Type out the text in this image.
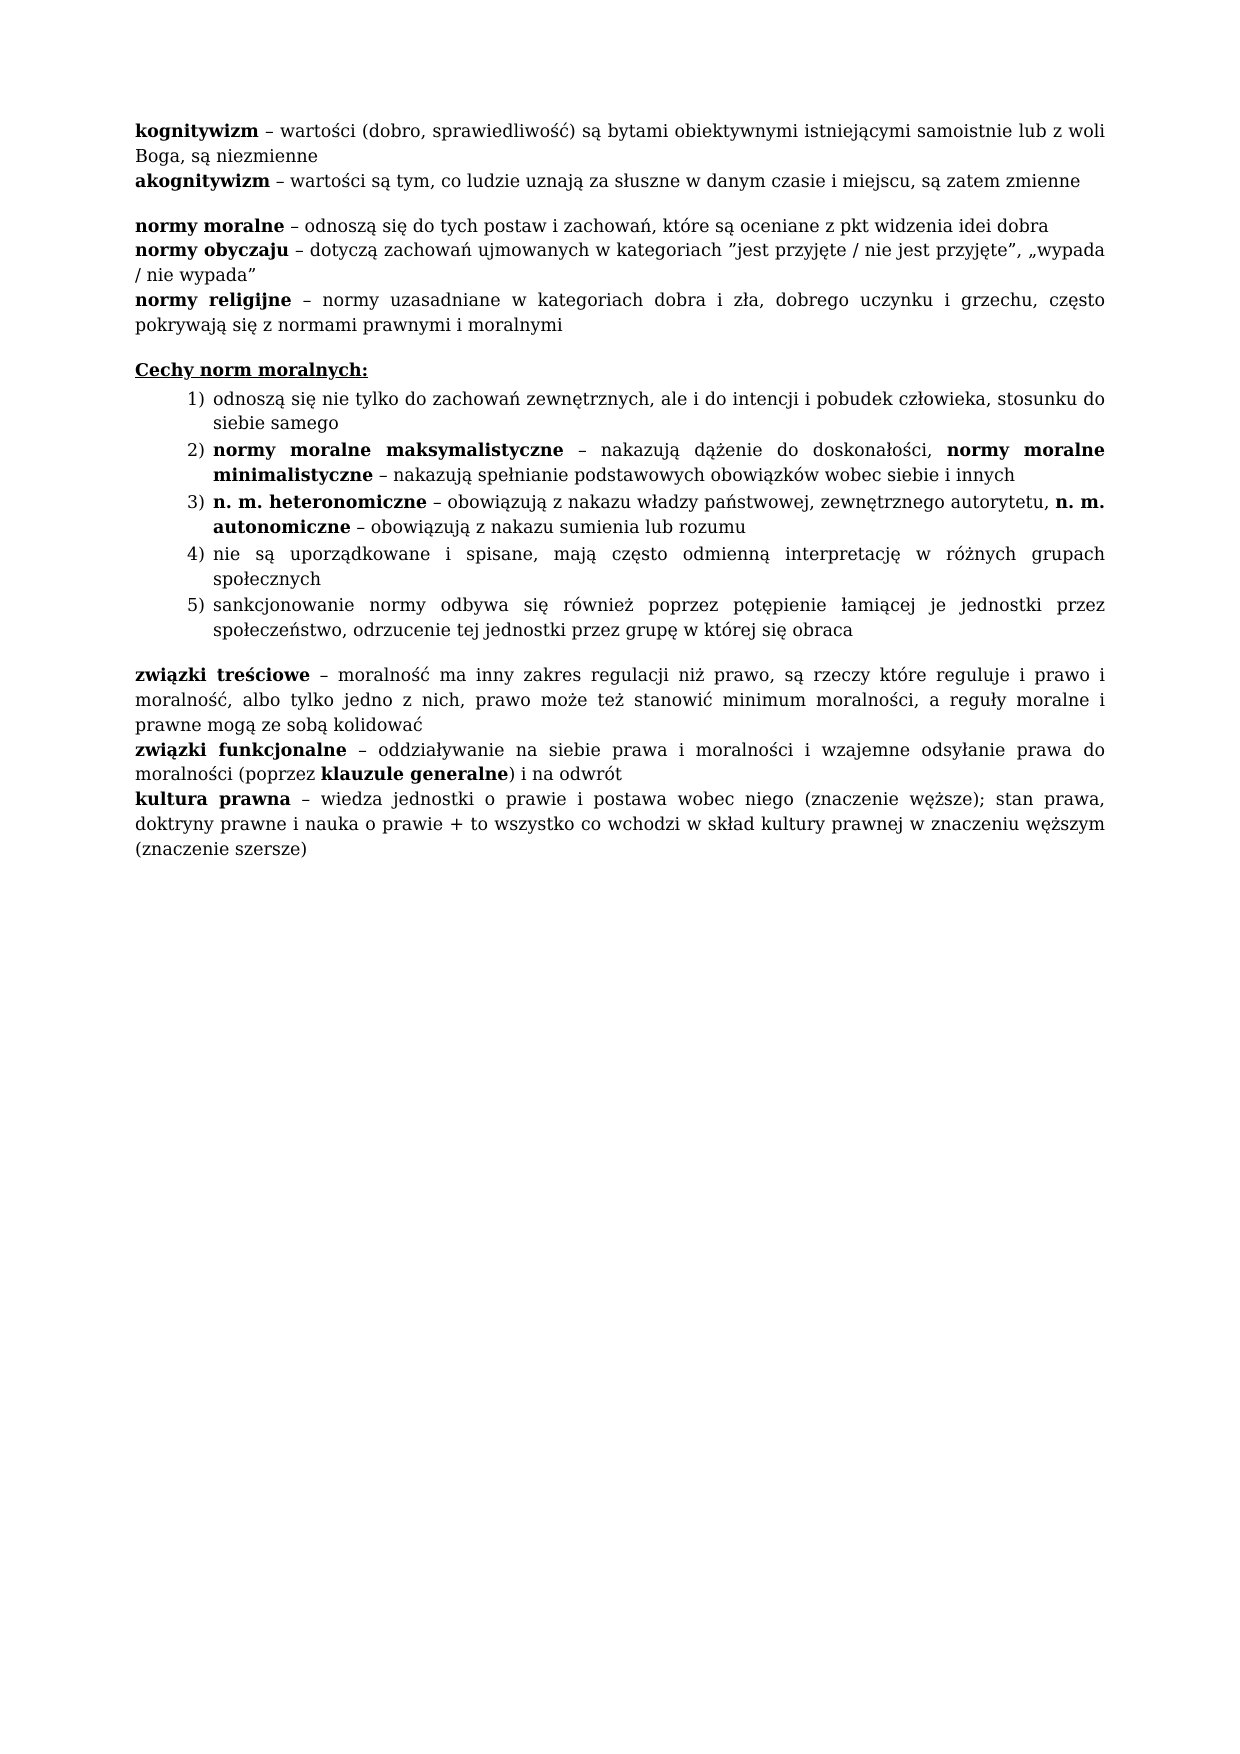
kognitywizm – wartości (dobro, sprawiedliwość) są bytami obiektywnymi istniejącymi samoistnie lub z woli Boga, są niezmienne

akognitywizm – wartości są tym, co ludzie uznają za słuszne w danym czasie i miejscu, są zatem zmienne

normy moralne – odnoszą się do tych postaw i zachowań, które są oceniane z pkt widzenia idei dobra

normy obyczaju – dotyczą zachowań ujmowanych w kategoriach ”jest przyjęte / nie jest przyjęte”, „wypada / nie wypada”

normy religijne – normy uzasadniane w kategoriach dobra i zła, dobrego uczynku i grzechu, często pokrywają się z normami prawnymi i moralnymi

Cechy norm moralnych:

odnoszą się nie tylko do zachowań zewnętrznych, ale i do intencji i pobudek człowieka, stosunku do siebie samego
normy moralne maksymalistyczne – nakazują dążenie do doskonałości, normy moralne minimalistyczne – nakazują spełnianie podstawowych obowiązków wobec siebie i innych
n. m. heteronomiczne – obowiązują z nakazu władzy państwowej, zewnętrznego autorytetu, n. m. autonomiczne – obowiązują z nakazu sumienia lub rozumu
nie są uporządkowane i spisane, mają często odmienną interpretację w różnych grupach społecznych
sankcjonowanie normy odbywa się również poprzez potępienie łamiącej je jednostki przez społeczeństwo, odrzucenie tej jednostki przez grupę w której się obraca

związki treściowe – moralność ma inny zakres regulacji niż prawo, są rzeczy które reguluje i prawo i moralność, albo tylko jedno z nich, prawo może też stanowić minimum moralności, a reguły moralne i prawne mogą ze sobą kolidować

związki funkcjonalne – oddziaływanie na siebie prawa i moralności i wzajemne odsyłanie prawa do moralności (poprzez klauzule generalne) i na odwrót

kultura prawna – wiedza jednostki o prawie i postawa wobec niego (znaczenie węższe); stan prawa, doktryny prawne i nauka o prawie + to wszystko co wchodzi w skład kultury prawnej w znaczeniu węższym (znaczenie szersze)
